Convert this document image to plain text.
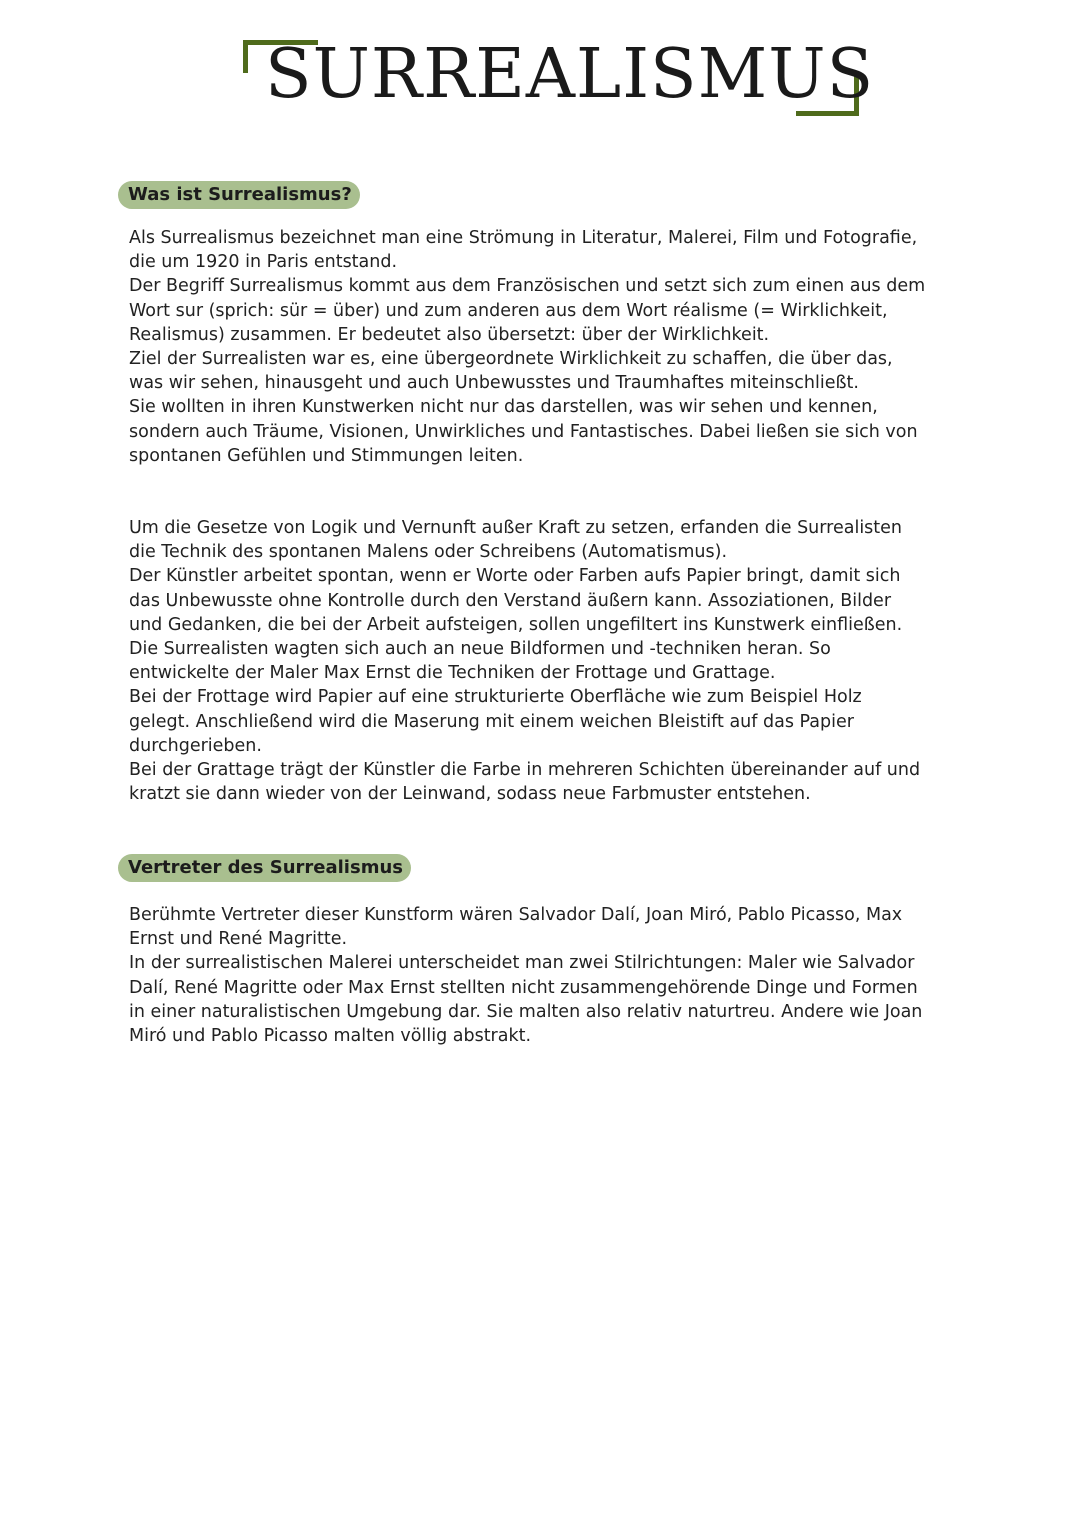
SURREALISMUS
Was ist Surrealismus?

Als Surrealismus bezeichnet man eine Strömung in Literatur, Malerei, Film und Fotografie,
die um 1920 in Paris entstand.
Der Begriff Surrealismus kommt aus dem Französischen und setzt sich zum einen aus dem
Wort sur (sprich: sür = über) und zum anderen aus dem Wort réalisme (= Wirklichkeit,
Realismus) zusammen. Er bedeutet also übersetzt: über der Wirklichkeit.
Ziel der Surrealisten war es, eine übergeordnete Wirklichkeit zu schaffen, die über das,
was wir sehen, hinausgeht und auch Unbewusstes und Traumhaftes miteinschließt.
Sie wollten in ihren Kunstwerken nicht nur das darstellen, was wir sehen und kennen,
sondern auch Träume, Visionen, Unwirkliches und Fantastisches. Dabei ließen sie sich von
spontanen Gefühlen und Stimmungen leiten.

Um die Gesetze von Logik und Vernunft außer Kraft zu setzen, erfanden die Surrealisten
die Technik des spontanen Malens oder Schreibens (Automatismus).
Der Künstler arbeitet spontan, wenn er Worte oder Farben aufs Papier bringt, damit sich
das Unbewusste ohne Kontrolle durch den Verstand äußern kann. Assoziationen, Bilder
und Gedanken, die bei der Arbeit aufsteigen, sollen ungefiltert ins Kunstwerk einfließen.
Die Surrealisten wagten sich auch an neue Bildformen und -techniken heran. So
entwickelte der Maler Max Ernst die Techniken der Frottage und Grattage.
Bei der Frottage wird Papier auf eine strukturierte Oberfläche wie zum Beispiel Holz
gelegt. Anschließend wird die Maserung mit einem weichen Bleistift auf das Papier
durchgerieben.
Bei der Grattage trägt der Künstler die Farbe in mehreren Schichten übereinander auf und
kratzt sie dann wieder von der Leinwand, sodass neue Farbmuster entstehen.

Vertreter des Surrealismus

Berühmte Vertreter dieser Kunstform wären Salvador Dalí, Joan Miró, Pablo Picasso, Max
Ernst und René Magritte.
In der surrealistischen Malerei unterscheidet man zwei Stilrichtungen: Maler wie Salvador
Dalí, René Magritte oder Max Ernst stellten nicht zusammengehörende Dinge und Formen
in einer naturalistischen Umgebung dar. Sie malten also relativ naturtreu. Andere wie Joan
Miró und Pablo Picasso malten völlig abstrakt.
